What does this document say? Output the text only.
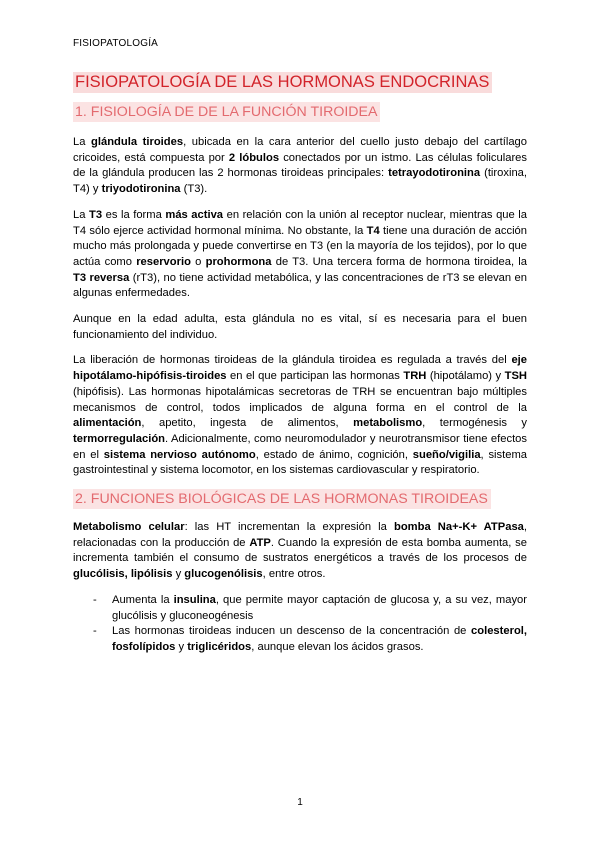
FISIOPATOLOGÍA
FISIOPATOLOGÍA DE LAS HORMONAS ENDOCRINAS
1. FISIOLOGÍA DE DE LA FUNCIÓN TIROIDEA

La glándula tiroides, ubicada en la cara anterior del cuello justo debajo del cartílago cricoides, está compuesta por 2 lóbulos conectados por un istmo. Las células foliculares de la glándula producen las 2 hormonas tiroideas principales: tetrayodotironina (tiroxina, T4) y triyodotironina (T3).

La T3 es la forma más activa en relación con la unión al receptor nuclear, mientras que la T4 sólo ejerce actividad hormonal mínima. No obstante, la T4 tiene una duración de acción mucho más prolongada y puede convertirse en T3 (en la mayoría de los tejidos), por lo que actúa como reservorio o prohormona de T3. Una tercera forma de hormona tiroidea, la T3 reversa (rT3), no tiene actividad metabólica, y las concentraciones de rT3 se elevan en algunas enfermedades.

Aunque en la edad adulta, esta glándula no es vital, sí es necesaria para el buen funcionamiento del individuo.

La liberación de hormonas tiroideas de la glándula tiroidea es regulada a través del eje hipotálamo-hipófisis-tiroides en el que participan las hormonas TRH (hipotálamo) y TSH (hipófisis). Las hormonas hipotalámicas secretoras de TRH se encuentran bajo múltiples mecanismos de control, todos implicados de alguna forma en el control de la alimentación, apetito, ingesta de alimentos, metabolismo, termogénesis y termorregulación. Adicionalmente, como neuromodulador y neurotransmisor tiene efectos en el sistema nervioso autónomo, estado de ánimo, cognición, sueño/vigilia, sistema gastrointestinal y sistema locomotor, en los sistemas cardiovascular y respiratorio.

2. FUNCIONES BIOLÓGICAS DE LAS HORMONAS TIROIDEAS

Metabolismo celular: las HT incrementan la expresión la bomba Na+-K+ ATPasa, relacionadas con la producción de ATP. Cuando la expresión de esta bomba aumenta, se incrementa también el consumo de sustratos energéticos a través de los procesos de glucólisis, lipólisis y glucogenólisis, entre otros.

- Aumenta la insulina, que permite mayor captación de glucosa y, a su vez, mayor glucólisis y gluconeogénesis
- Las hormonas tiroideas inducen un descenso de la concentración de colesterol, fosfolípidos y triglicéridos, aunque elevan los ácidos grasos.
1
